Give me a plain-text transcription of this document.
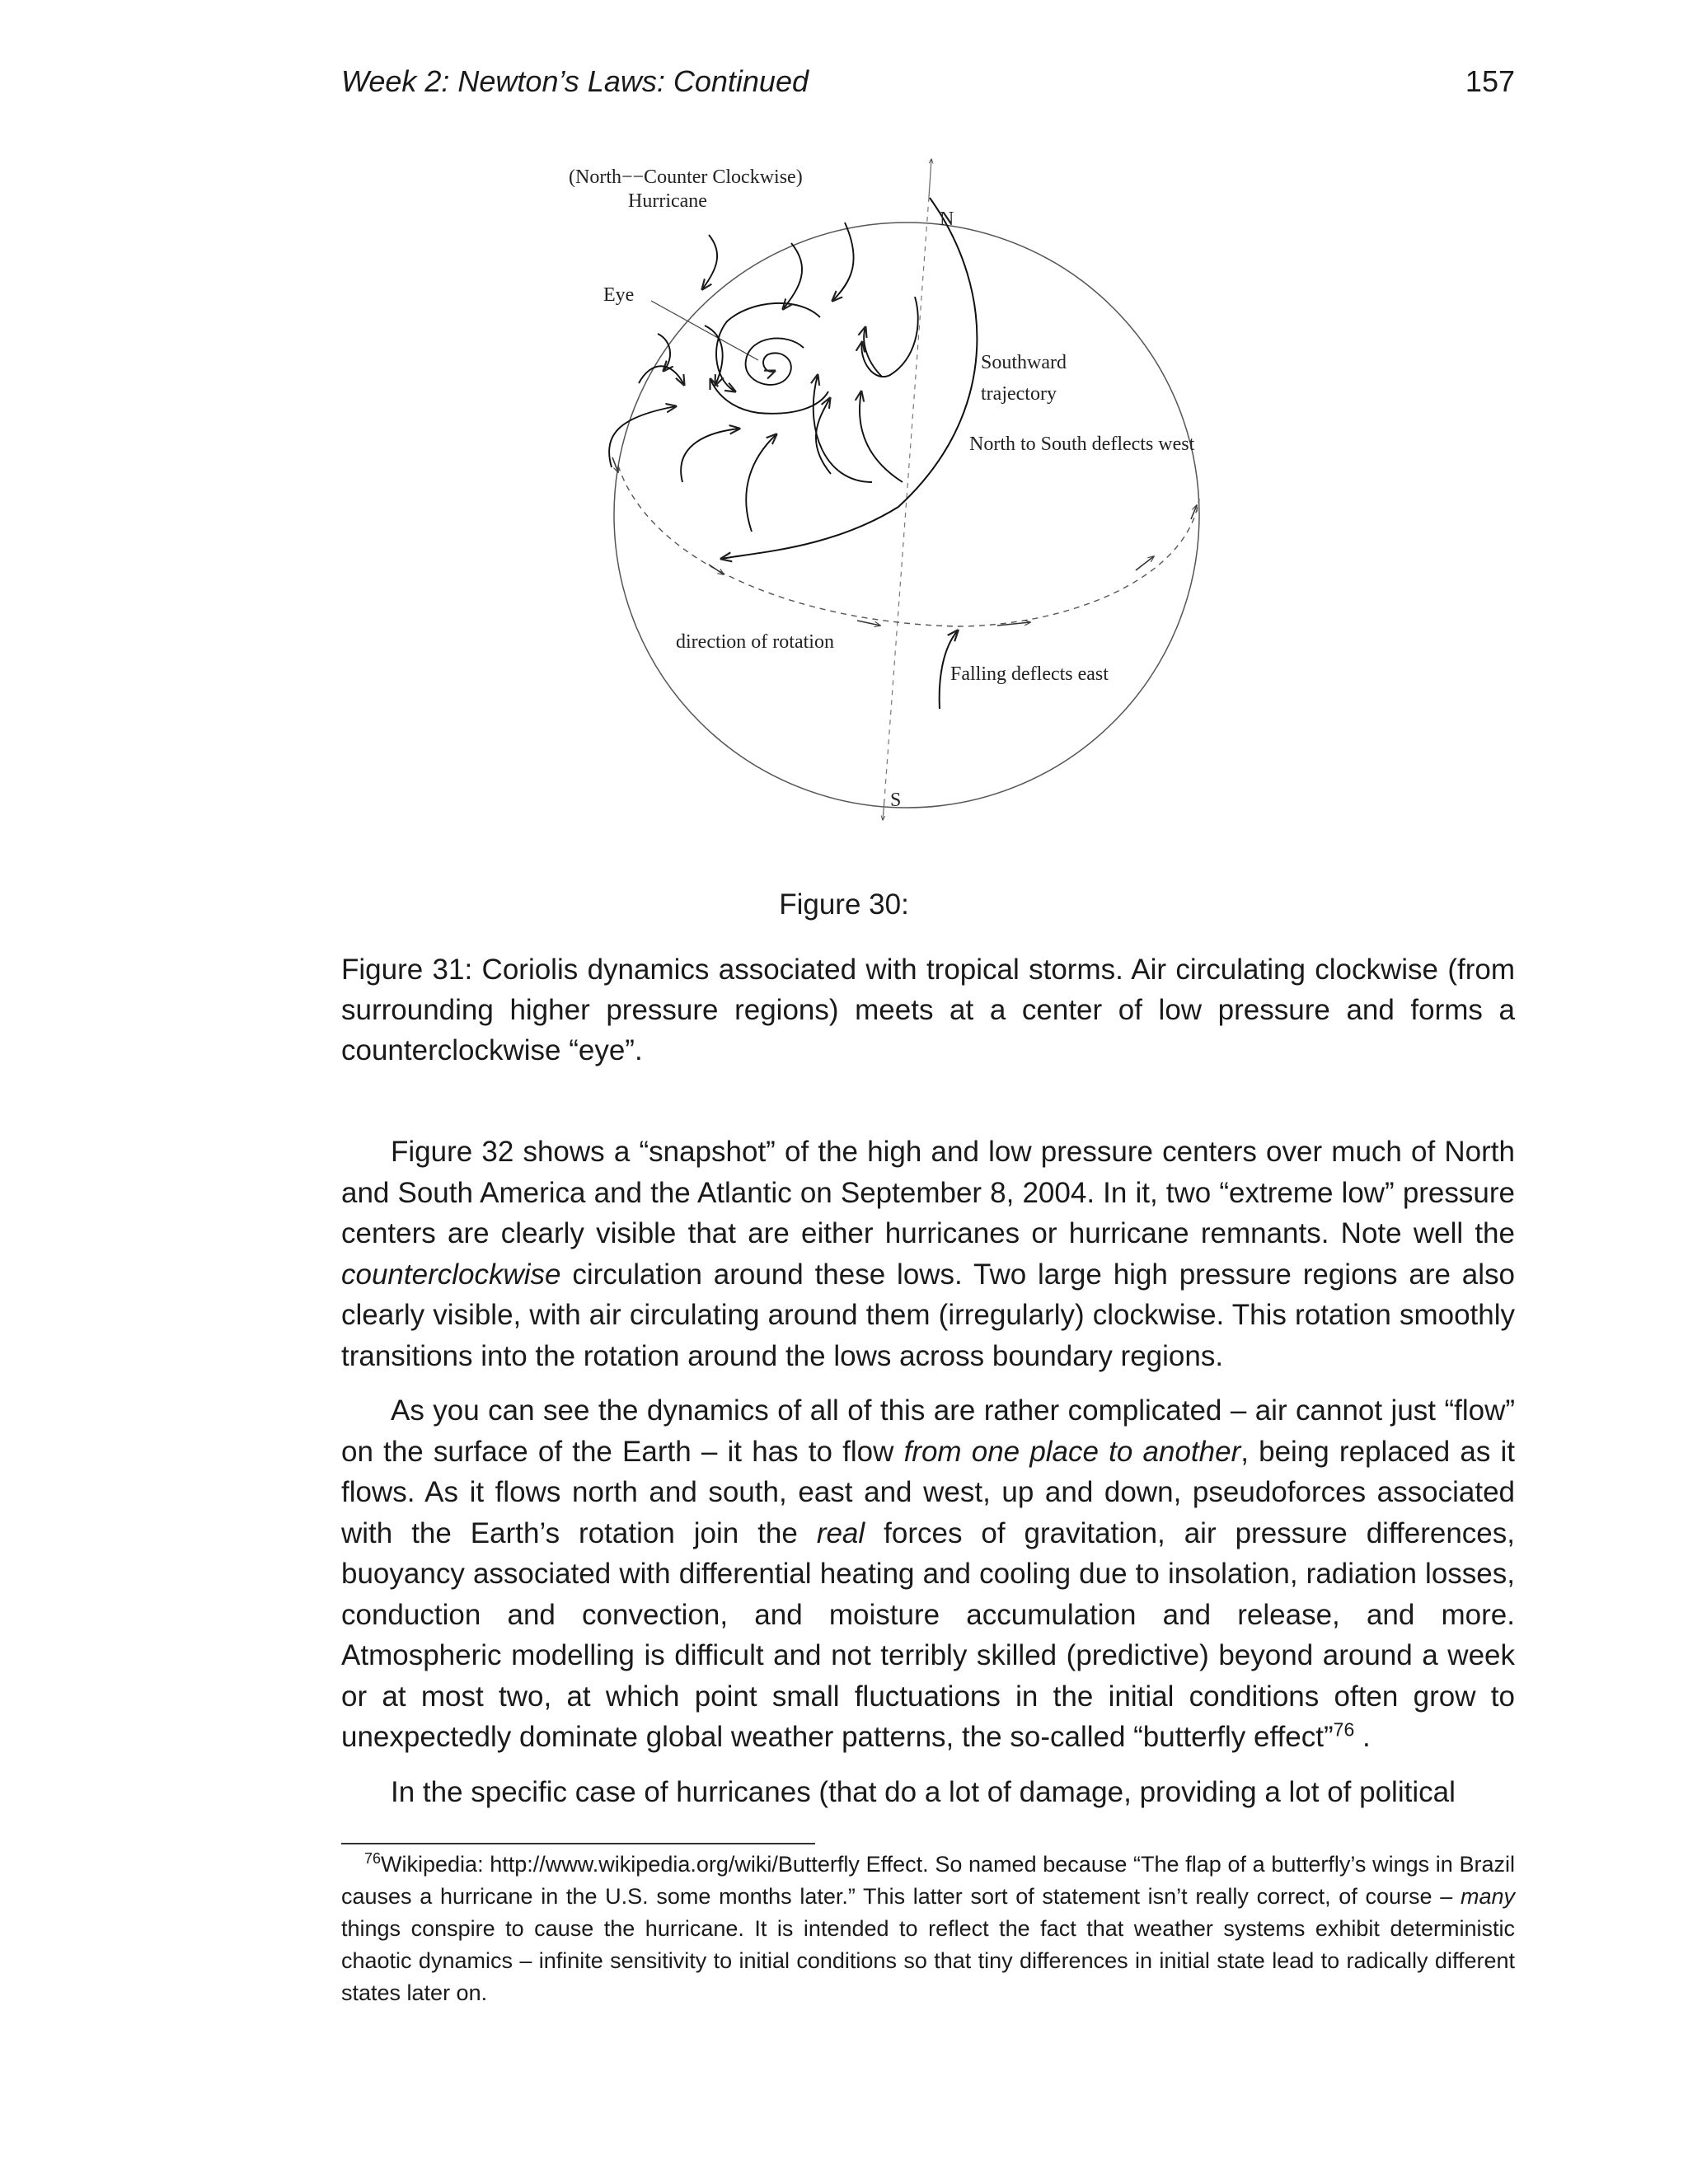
Week 2: Newton’s Laws: Continued	157
(North−−Counter Clockwise)
Hurricane
Eye
N
S
Southward
trajectory
North to South deflects west
direction of rotation
Falling deflects east
Figure 30:
Figure 31: Coriolis dynamics associated with tropical storms. Air circulating clockwise (from surrounding higher pressure regions) meets at a center of low pressure and forms a counterclockwise “eye”.

Figure 32 shows a “snapshot” of the high and low pressure centers over much of North and South America and the Atlantic on September 8, 2004. In it, two “extreme low” pressure centers are clearly visible that are either hurricanes or hurricane remnants. Note well the counterclockwise circulation around these lows. Two large high pressure regions are also clearly visible, with air circulating around them (irregularly) clockwise. This rotation smoothly transitions into the rotation around the lows across boundary regions.

As you can see the dynamics of all of this are rather complicated – air cannot just “flow” on the surface of the Earth – it has to flow from one place to another, being replaced as it flows. As it flows north and south, east and west, up and down, pseudoforces associated with the Earth’s rotation join the real forces of gravitation, air pressure differences, buoyancy associated with differential heating and cooling due to insolation, radiation losses, conduction and convection, and moisture accumulation and release, and more. Atmospheric modelling is difficult and not terribly skilled (predictive) beyond around a week or at most two, at which point small fluctuations in the initial conditions often grow to unexpectedly dominate global weather patterns, the so-called “butterfly effect”$^{76}$ .

In the specific case of hurricanes (that do a lot of damage, providing a lot of political

$^{76}$Wikipedia: http://www.wikipedia.org/wiki/Butterfly Effect. So named because “The flap of a butterfly’s wings in Brazil causes a hurricane in the U.S. some months later.” This latter sort of statement isn’t really correct, of course – many things conspire to cause the hurricane. It is intended to reflect the fact that weather systems exhibit deterministic chaotic dynamics – infinite sensitivity to initial conditions so that tiny differences in initial state lead to radically different states later on.
